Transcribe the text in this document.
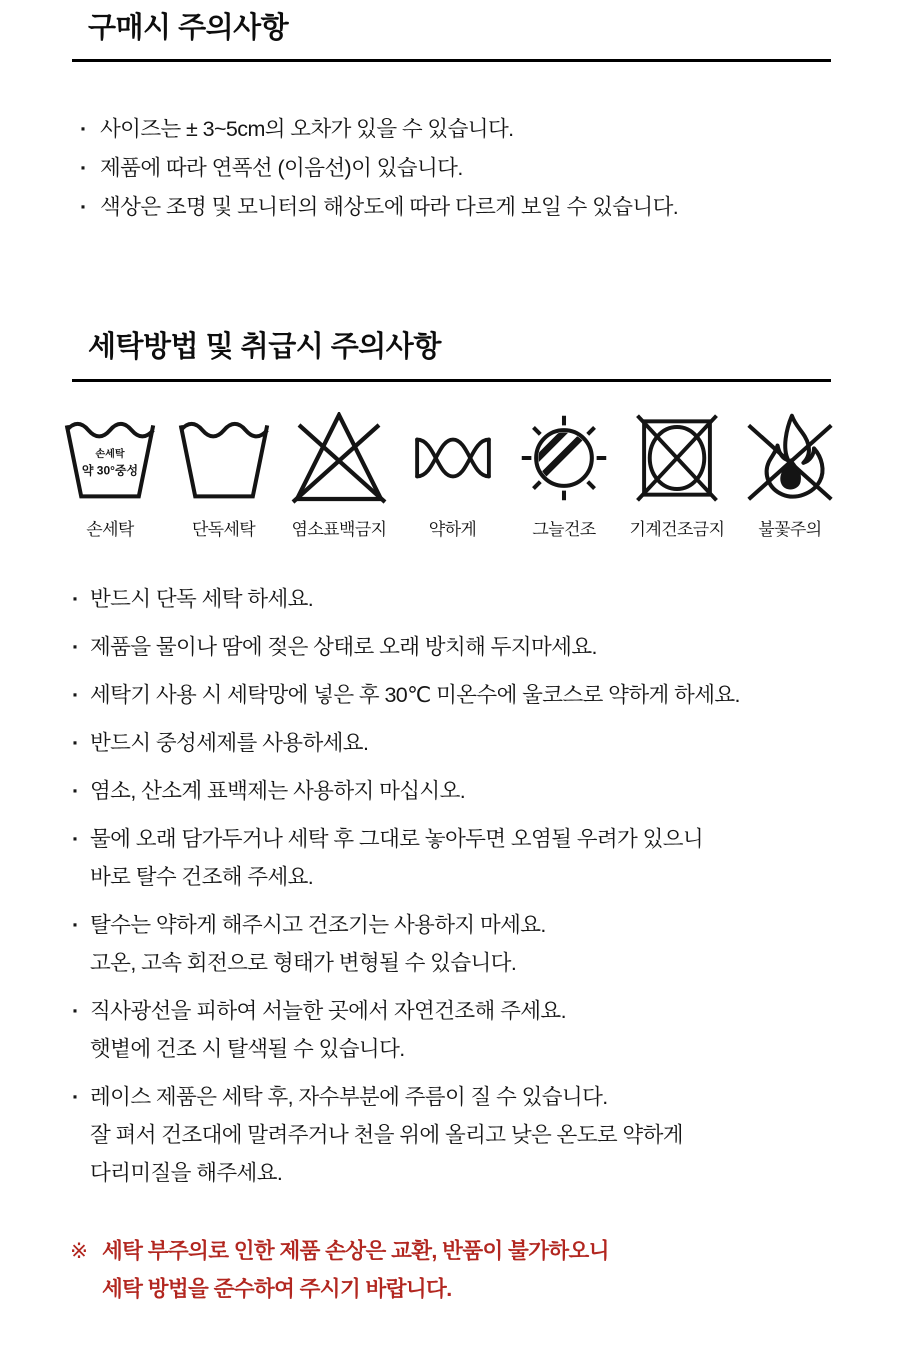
구매시 주의사항
· 사이즈는 ± 3~5cm의 오차가 있을 수 있습니다.
· 제품에 따라 연폭선 (이음선)이 있습니다.
· 색상은 조명 및 모니터의 해상도에 따라 다르게 보일 수 있습니다.
세탁방법 및 취급시 주의사항
손세탁
약 30°중성
손세탁	단독세탁 염소표백금지 약하게	그늘건조 기계건조금지 불꽃주의
· 반드시 단독 세탁 하세요.
· 제품을 물이나 땀에 젖은 상태로 오래 방치해 두지마세요.
· 세탁기 사용 시 세탁망에 넣은 후 30℃ 미온수에 울코스로 약하게 하세요.
· 반드시 중성세제를 사용하세요.
· 염소, 산소계 표백제는 사용하지 마십시오.
· 물에 오래 담가두거나 세탁 후 그대로 놓아두면 오염될 우려가 있으니
바로 탈수 건조해 주세요.
· 탈수는 약하게 해주시고 건조기는 사용하지 마세요.
고온, 고속 회전으로 형태가 변형될 수 있습니다.
· 직사광선을 피하여 서늘한 곳에서 자연건조해 주세요.
햇볕에 건조 시 탈색될 수 있습니다.
· 레이스 제품은 세탁 후, 자수부분에 주름이 질 수 있습니다.
잘 펴서 건조대에 말려주거나 천을 위에 올리고 낮은 온도로 약하게
다리미질을 해주세요.
※ 세탁 부주의로 인한 제품 손상은 교환, 반품이 불가하오니
세탁 방법을 준수하여 주시기 바랍니다.
